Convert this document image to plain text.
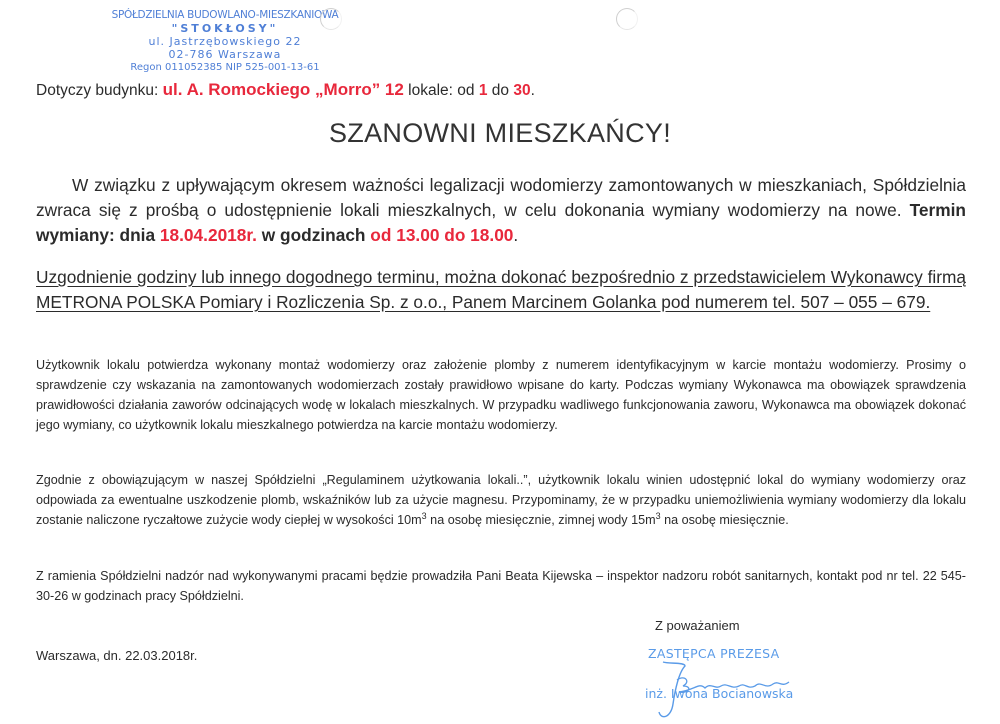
SPÓŁDZIELNIA BUDOWLANO-MIESZKANIOWA
"STOKŁOSY"
ul. Jastrzębowskiego 22
02-786 Warszawa
Regon 011052385 NIP 525-001-13-61
Dotyczy budynku: ul. A. Romockiego „Morro” 12 lokale: od 1 do 30.
SZANOWNI MIESZKAŃCY!
W związku z upływającym okresem ważności legalizacji wodomierzy zamontowanych w mieszkaniach, Spółdzielnia zwraca się z prośbą o udostępnienie lokali mieszkalnych, w celu dokonania wymiany wodomierzy na nowe. Termin wymiany: dnia 18.04.2018r. w godzinach od 13.00 do 18.00.
Uzgodnienie godziny lub innego dogodnego terminu, można dokonać bezpośrednio z przedstawicielem Wykonawcy firmą METRONA POLSKA Pomiary i Rozliczenia Sp. z o.o., Panem Marcinem Golanka pod numerem tel. 507 – 055 – 679.
Użytkownik lokalu potwierdza wykonany montaż wodomierzy oraz założenie plomby z numerem identyfikacyjnym w karcie montażu wodomierzy. Prosimy o sprawdzenie czy wskazania na zamontowanych wodomierzach zostały prawidłowo wpisane do karty. Podczas wymiany Wykonawca ma obowiązek sprawdzenia prawidłowości działania zaworów odcinających wodę w lokalach mieszkalnych. W przypadku wadliwego funkcjonowania zaworu, Wykonawca ma obowiązek dokonać jego wymiany, co użytkownik lokalu mieszkalnego potwierdza na karcie montażu wodomierzy.
Zgodnie z obowiązującym w naszej Spółdzielni „Regulaminem użytkowania lokali..”, użytkownik lokalu winien udostępnić lokal do wymiany wodomierzy oraz odpowiada za ewentualne uszkodzenie plomb, wskaźników lub za użycie magnesu. Przypominamy, że w przypadku uniemożliwienia wymiany wodomierzy dla lokalu zostanie naliczone ryczałtowe zużycie wody ciepłej w wysokości $10m^3$ na osobę miesięcznie, zimnej wody $15m^3$ na osobę miesięcznie.
Z ramienia Spółdzielni nadzór nad wykonywanymi pracami będzie prowadziła Pani Beata Kijewska – inspektor nadzoru robót sanitarnych, kontakt pod nr tel. 22 545-30-26 w godzinach pracy Spółdzielni.
Z poważaniem
Warszawa, dn. 22.03.2018r.	ZASTĘPCA PREZESA
inż. Iwona Bocianowska
